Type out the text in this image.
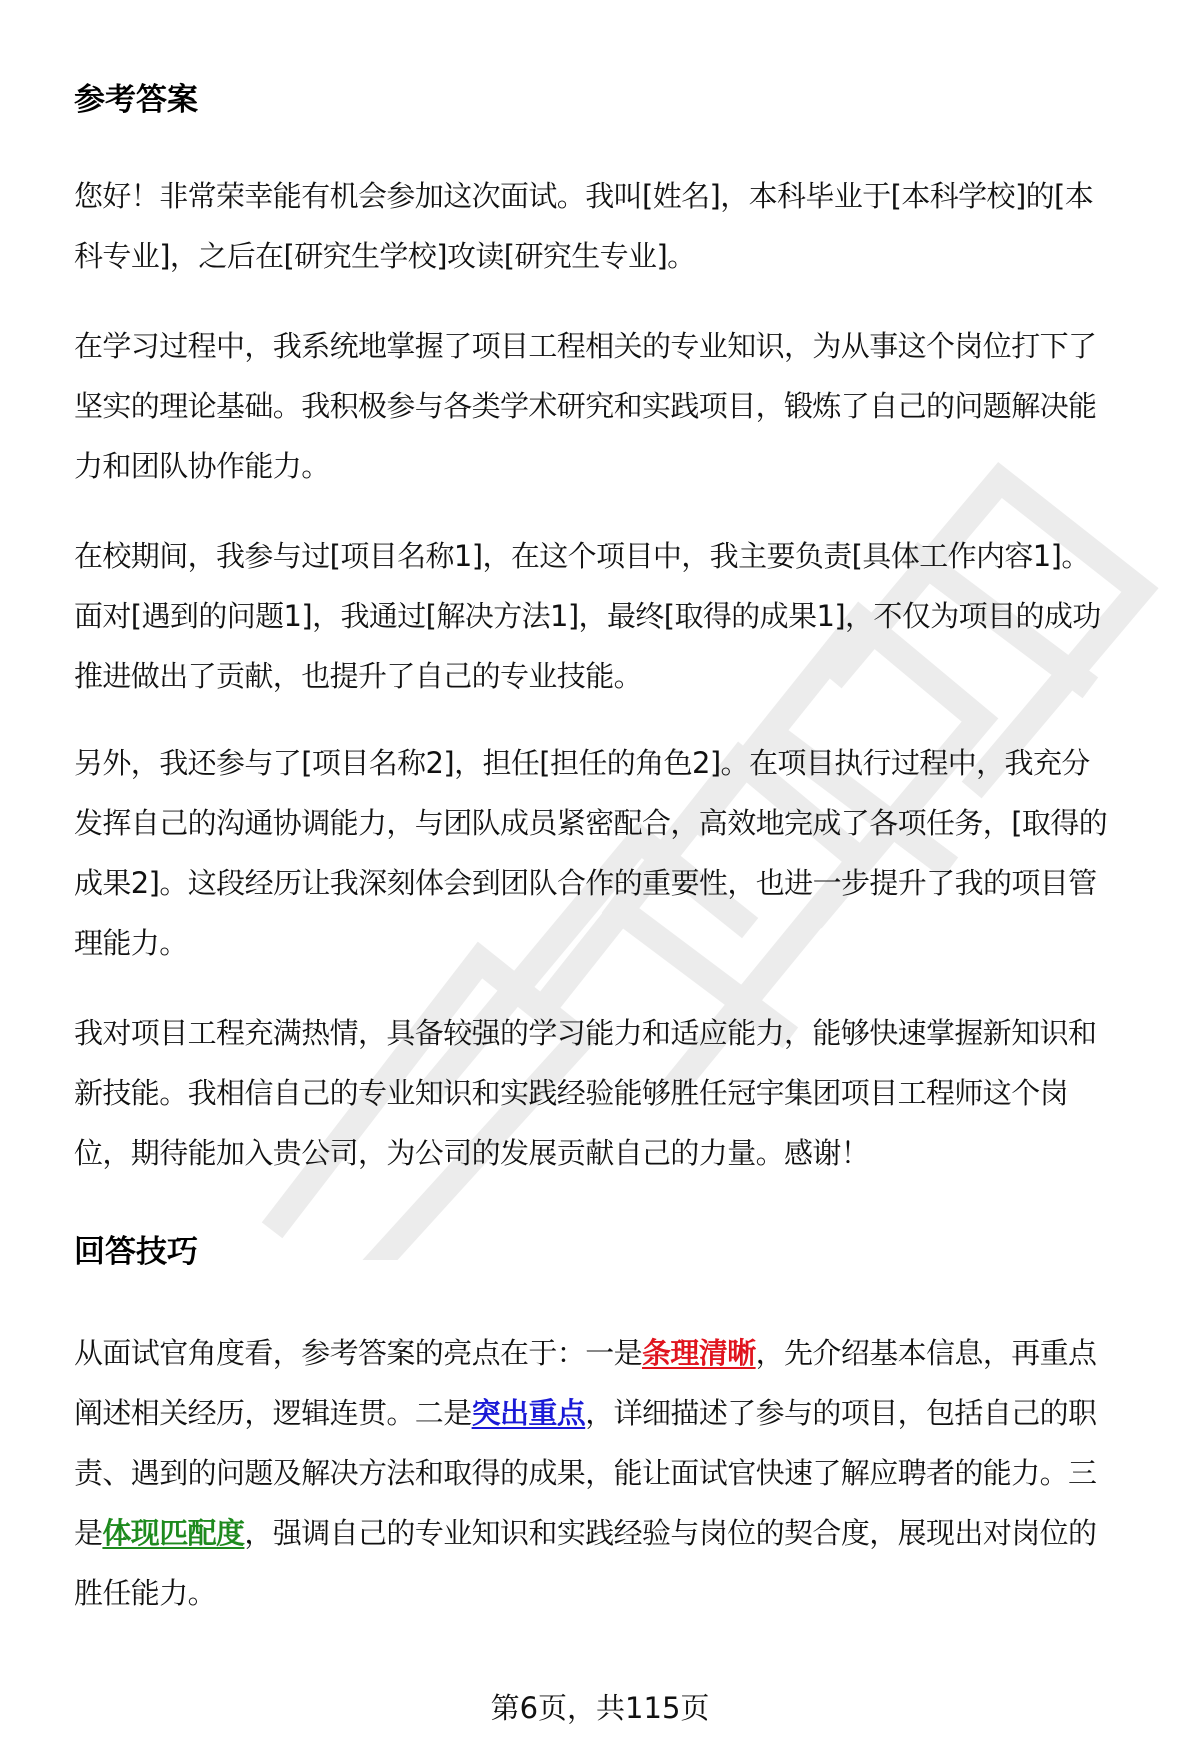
参考答案
您好！非常荣幸能有机会参加这次面试。我叫[姓名]，本科毕业于[本科学校]的[本
科专业]，之后在[研究生学校]攻读[研究生专业]。
在学习过程中，我系统地掌握了项目工程相关的专业知识，为从事这个岗位打下了
坚实的理论基础。我积极参与各类学术研究和实践项目，锻炼了自己的问题解决能
力和团队协作能力。
在校期间，我参与过[项目名称1]，在这个项目中，我主要负责[具体工作内容1]。
面对[遇到的问题1]，我通过[解决方法1]，最终[取得的成果1]，不仅为项目的成功
推进做出了贡献，也提升了自己的专业技能。
另外，我还参与了[项目名称2]，担任[担任的角色2]。在项目执行过程中，我充分
发挥自己的沟通协调能力，与团队成员紧密配合，高效地完成了各项任务，[取得的
成果2]。这段经历让我深刻体会到团队合作的重要性，也进一步提升了我的项目管
理能力。
我对项目工程充满热情，具备较强的学习能力和适应能力，能够快速掌握新知识和
新技能。我相信自己的专业知识和实践经验能够胜任冠宇集团项目工程师这个岗
位，期待能加入贵公司，为公司的发展贡献自己的力量。感谢！
回答技巧
从面试官角度看，参考答案的亮点在于：一是条理清晰，先介绍基本信息，再重点
阐述相关经历，逻辑连贯。二是突出重点，详细描述了参与的项目，包括自己的职
责、遇到的问题及解决方法和取得的成果，能让面试官快速了解应聘者的能力。三
是体现匹配度，强调自己的专业知识和实践经验与岗位的契合度，展现出对岗位的
胜任能力。
第6页，共115页
